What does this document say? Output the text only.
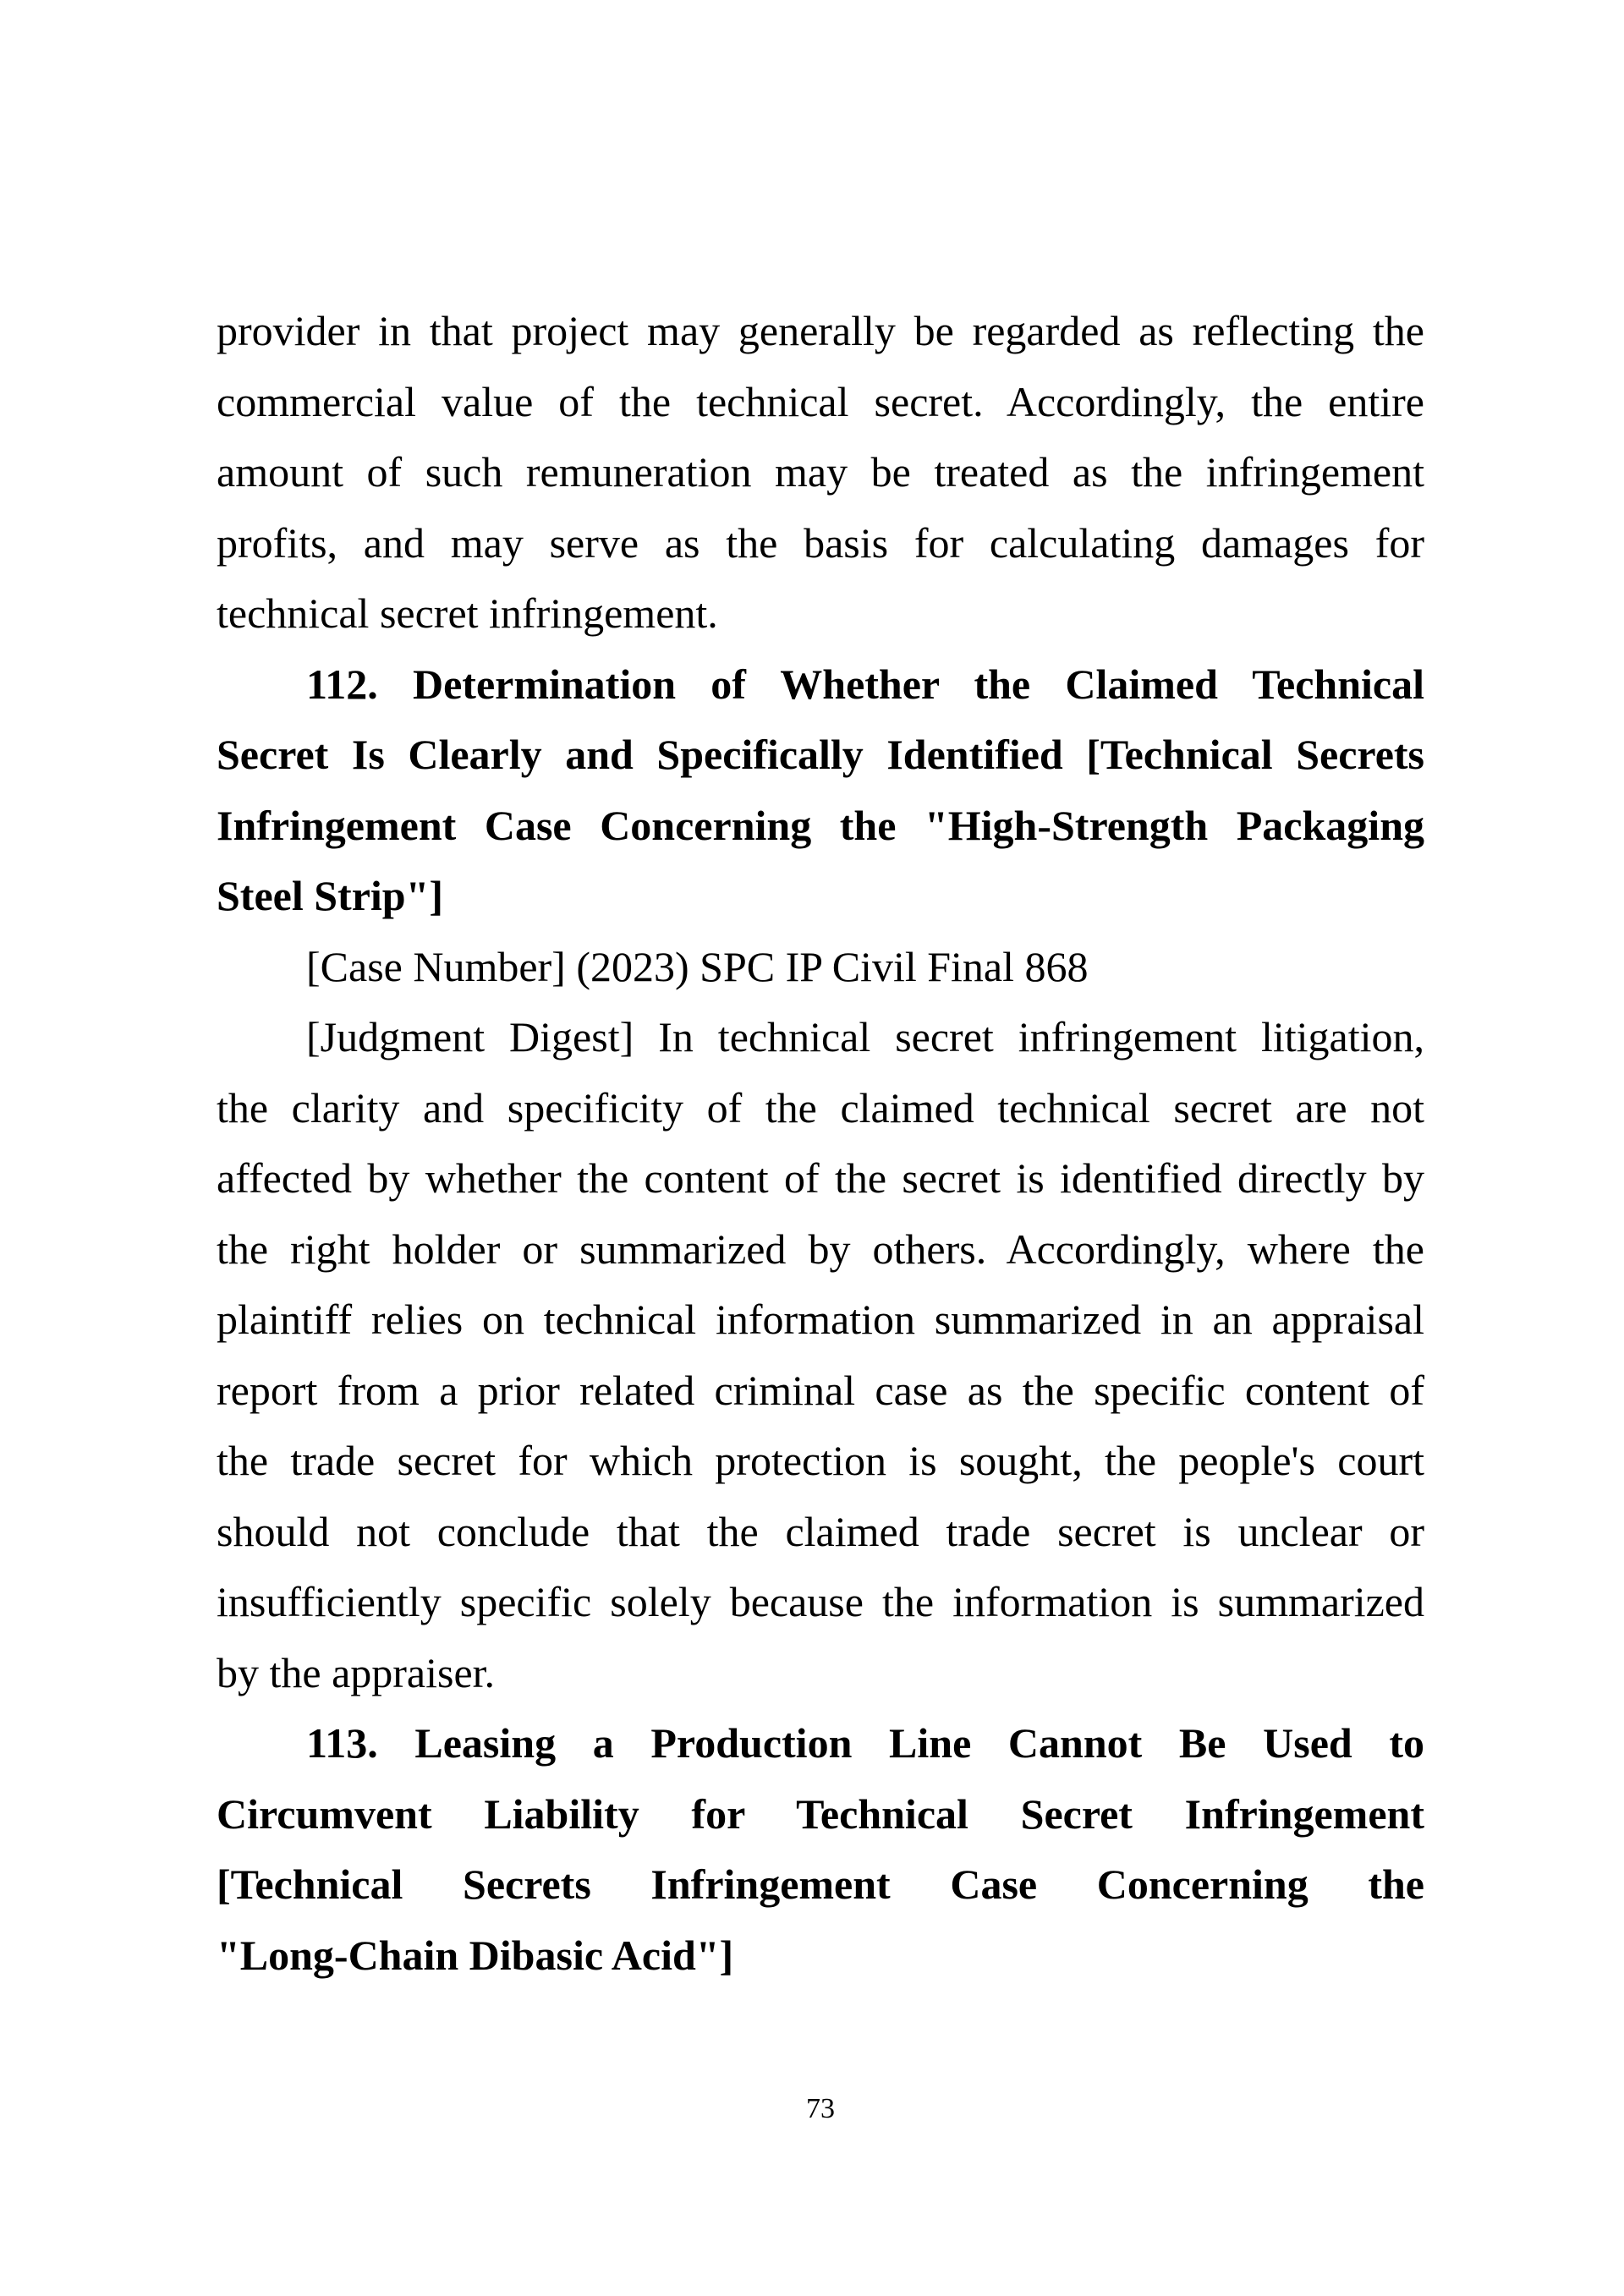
provider in that project may generally be regarded as reflecting the
commercial value of the technical secret. Accordingly, the entire
amount of such remuneration may be treated as the infringement
profits, and may serve as the basis for calculating damages for
technical secret infringement.
112. Determination of Whether the Claimed Technical
Secret Is Clearly and Specifically Identified [Technical Secrets
Infringement Case Concerning the "High-Strength Packaging
Steel Strip"]
[Case Number] (2023) SPC IP Civil Final 868
[Judgment Digest] In technical secret infringement litigation,
the clarity and specificity of the claimed technical secret are not
affected by whether the content of the secret is identified directly by
the right holder or summarized by others. Accordingly, where the
plaintiff relies on technical information summarized in an appraisal
report from a prior related criminal case as the specific content of
the trade secret for which protection is sought, the people's court
should not conclude that the claimed trade secret is unclear or
insufficiently specific solely because the information is summarized
by the appraiser.
113. Leasing a Production Line Cannot Be Used to
Circumvent Liability for Technical Secret Infringement
[Technical Secrets Infringement Case Concerning the
"Long-Chain Dibasic Acid"]
73
